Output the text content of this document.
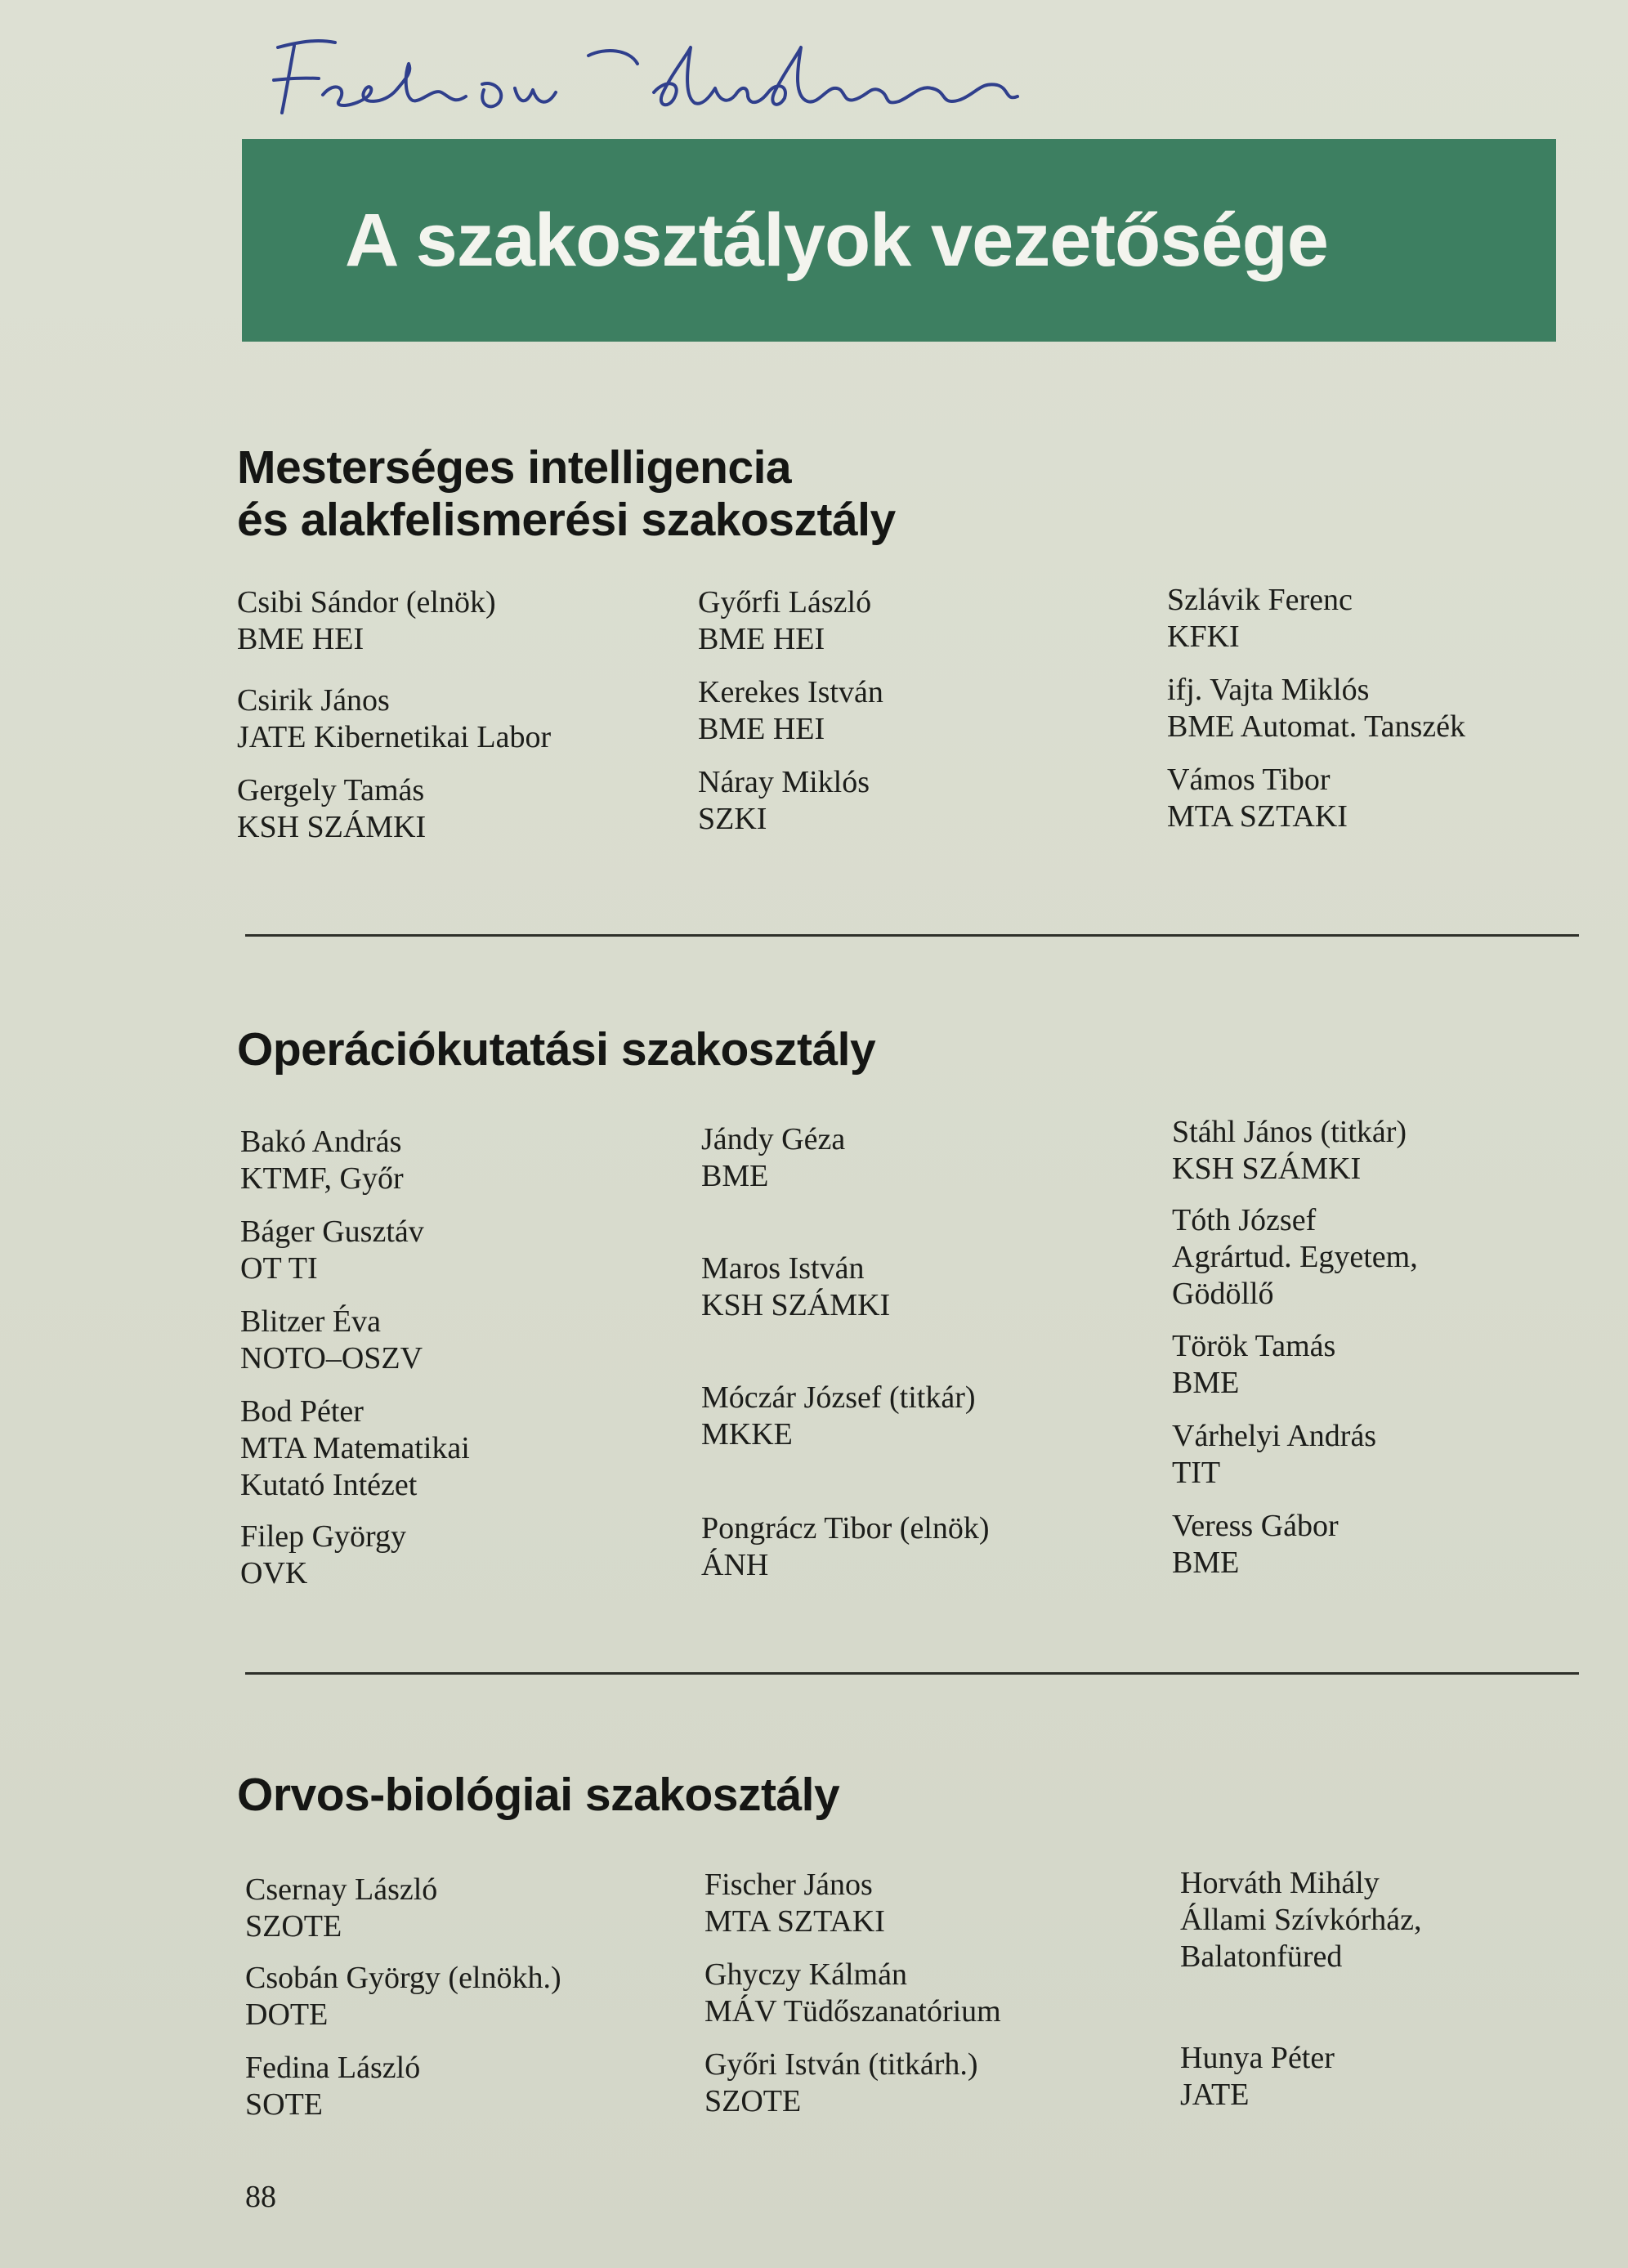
A szakosztályok vezetősége
Mesterséges intelligencia
és alakfelismerési szakosztály
Csibi Sándor (elnök)
BME HEI
Csirik János
JATE Kibernetikai Labor
Gergely Tamás
KSH SZÁMKI
Győrfi László
BME HEI
Kerekes István
BME HEI
Náray Miklós
SZKI
Szlávik Ferenc
KFKI
ifj. Vajta Miklós
BME Automat. Tanszék
Vámos Tibor
MTA SZTAKI
Operációkutatási szakosztály
Bakó András
KTMF, Győr
Báger Gusztáv
OT TI
Blitzer Éva
NOTO–OSZV
Bod Péter
MTA Matematikai
Kutató Intézet
Filep György
OVK
Jándy Géza
BME
Maros István
KSH SZÁMKI
Móczár József (titkár)
MKKE
Pongrácz Tibor (elnök)
ÁNH
Stáhl János (titkár)
KSH SZÁMKI
Tóth József
Agrártud. Egyetem,
Gödöllő
Török Tamás
BME
Várhelyi András
TIT
Veress Gábor
BME
Orvos-biológiai szakosztály
Csernay László
SZOTE
Csobán György (elnökh.)
DOTE
Fedina László
SOTE
Fischer János
MTA SZTAKI
Ghyczy Kálmán
MÁV Tüdőszanatórium
Győri István (titkárh.)
SZOTE
Horváth Mihály
Állami Szívkórház,
Balatonfüred
Hunya Péter
JATE
88
